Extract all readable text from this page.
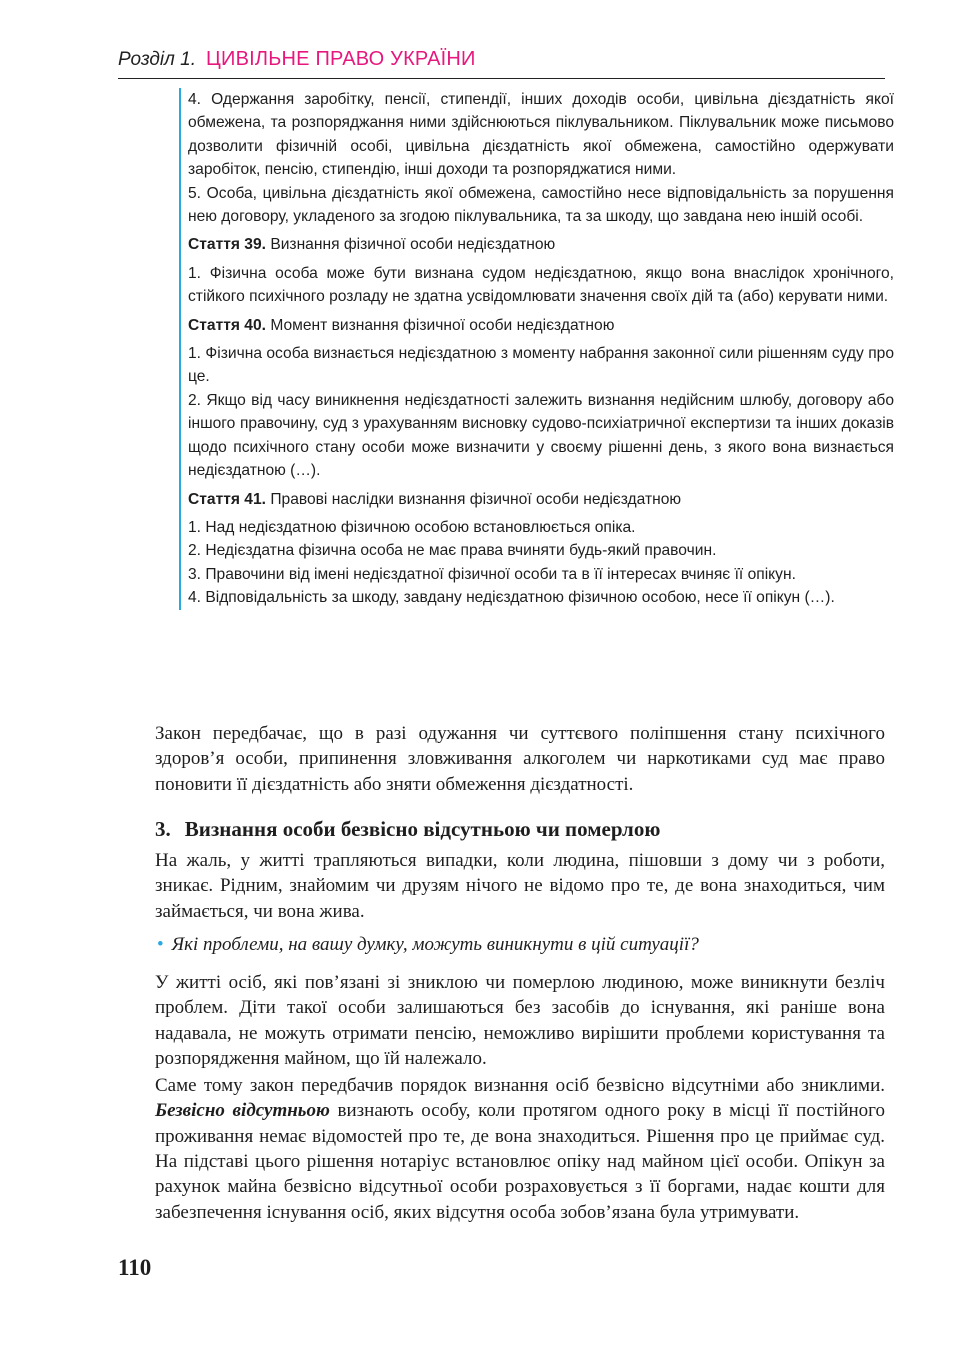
Розділ 1. ЦИВІЛЬНЕ ПРАВО УКРАЇНИ

4. Одержання заробітку, пенсії, стипендії, інших доходів особи, цивільна дієздатність якої обмежена, та розпоряджання ними здійснюються піклувальником. Піклувальник може письмово дозволити фізичній особі, цивільна дієздатність якої обмежена, самостійно одержувати заробіток, пенсію, стипендію, інші доходи та розпоряджатися ними.

5. Особа, цивільна дієздатність якої обмежена, самостійно несе відповідальність за порушення нею договору, укладеного за згодою піклувальника, та за шкоду, що завдана нею іншій особі.

Стаття 39. Визнання фізичної особи недієздатною

1. Фізична особа може бути визнана судом недієздатною, якщо вона внаслідок хронічного, стійкого психічного розладу не здатна усвідомлювати значення своїх дій та (або) керувати ними.

Стаття 40. Момент визнання фізичної особи недієздатною

1. Фізична особа визнається недієздатною з моменту набрання законної сили рішенням суду про це.

2. Якщо від часу виникнення недієздатності залежить визнання недійсним шлюбу, договору або іншого правочину, суд з урахуванням висновку судово-психіатричної експертизи та інших доказів щодо психічного стану особи може визначити у своєму рішенні день, з якого вона визнається недієздатною (…).

Стаття 41. Правові наслідки визнання фізичної особи недієздатною

1. Над недієздатною фізичною особою встановлюється опіка.

2. Недієздатна фізична особа не має права вчиняти будь-який правочин.

3. Правочини від імені недієздатної фізичної особи та в її інтересах вчиняє її опікун.

4. Відповідальність за шкоду, завдану недієздатною фізичною особою, несе її опікун (…).

Закон передбачає, що в разі одужання чи суттєвого поліпшення стану психічного здоров’я особи, припинення зловживання алкоголем чи наркотиками суд має право поновити її дієздатність або зняти обмеження дієздатності.

3. Визнання особи безвісно відсутньою чи померлою

На жаль, у житті трапляються випадки, коли людина, пішовши з дому чи з роботи, зникає. Рідним, знайомим чи друзям нічого не відомо про те, де вона знаходиться, чим займається, чи вона жива.

• Які проблеми, на вашу думку, можуть виникнути в цій ситуації?

У житті осіб, які пов’язані зі зниклою чи померлою людиною, може виникнути безліч проблем. Діти такої особи залишаються без засобів до існування, які раніше вона надавала, не можуть отримати пенсію, неможливо вирішити проблеми користування та розпорядження майном, що їй належало.

Саме тому закон передбачив порядок визнання осіб безвісно відсутніми або зниклими. Безвісно відсутньою визнають особу, коли протягом одного року в місці її постійного проживання немає відомостей про те, де вона знаходиться. Рішення про це приймає суд. На підставі цього рішення нотаріус встановлює опіку над майном цієї особи. Опікун за рахунок майна безвісно відсутньої особи розраховується з її боргами, надає кошти для забезпечення існування осіб, яких відсутня особа зобов’язана була утримувати.

110
